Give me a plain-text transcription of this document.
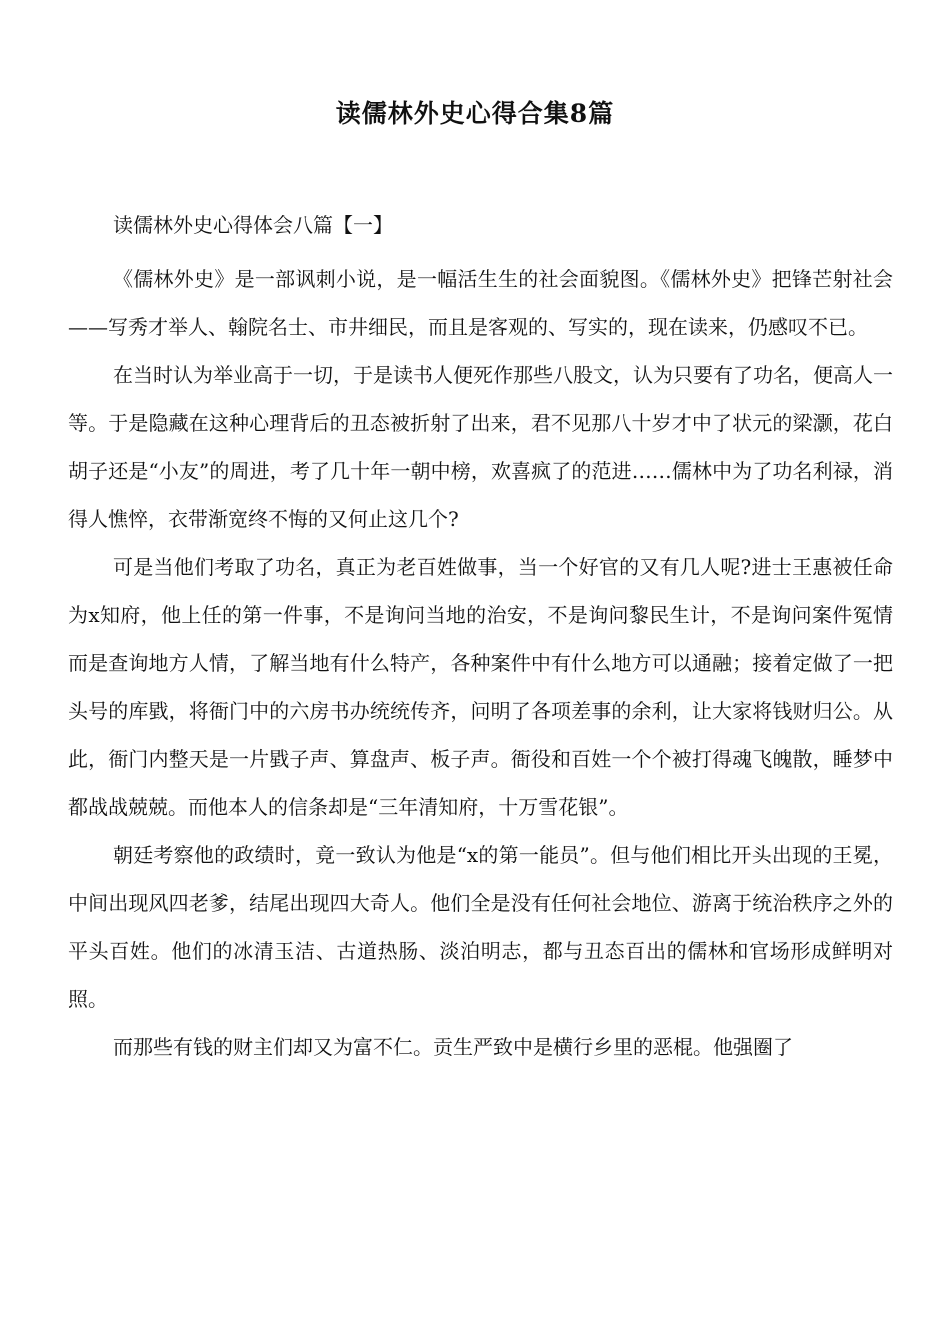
读儒林外史心得合集8篇
读儒林外史心得体会八篇【一】

《儒林外史》是一部讽刺小说，是一幅活生生的社会面貌图。《儒林外史》把锋芒射社会——写秀才举人、翰院名士、市井细民，而且是客观的、写实的，现在读来，仍感叹不已。

在当时认为举业高于一切，于是读书人便死作那些八股文，认为只要有了功名，便高人一等。于是隐藏在这种心理背后的丑态被折射了出来，君不见那八十岁才中了状元的梁灏，花白胡子还是“小友”的周进，考了几十年一朝中榜，欢喜疯了的范进……儒林中为了功名利禄，消得人憔悴，衣带渐宽终不悔的又何止这几个?

可是当他们考取了功名，真正为老百姓做事，当一个好官的又有几人呢?进士王惠被任命为x知府，他上任的第一件事，不是询问当地的治安，不是询问黎民生计，不是询问案件冤情而是查询地方人情，了解当地有什么特产，各种案件中有什么地方可以通融；接着定做了一把头号的库戥，将衙门中的六房书办统统传齐，问明了各项差事的余利，让大家将钱财归公。从此，衙门内整天是一片戥子声、算盘声、板子声。衙役和百姓一个个被打得魂飞魄散，睡梦中都战战兢兢。而他本人的信条却是“三年清知府，十万雪花银”。

朝廷考察他的政绩时，竟一致认为他是“x的第一能员”。但与他们相比开头出现的王冕，中间出现风四老爹，结尾出现四大奇人。他们全是没有任何社会地位、游离于统治秩序之外的平头百姓。他们的冰清玉洁、古道热肠、淡泊明志，都与丑态百出的儒林和官场形成鲜明对照。

而那些有钱的财主们却又为富不仁。贡生严致中是横行乡里的恶棍。他强圈了
